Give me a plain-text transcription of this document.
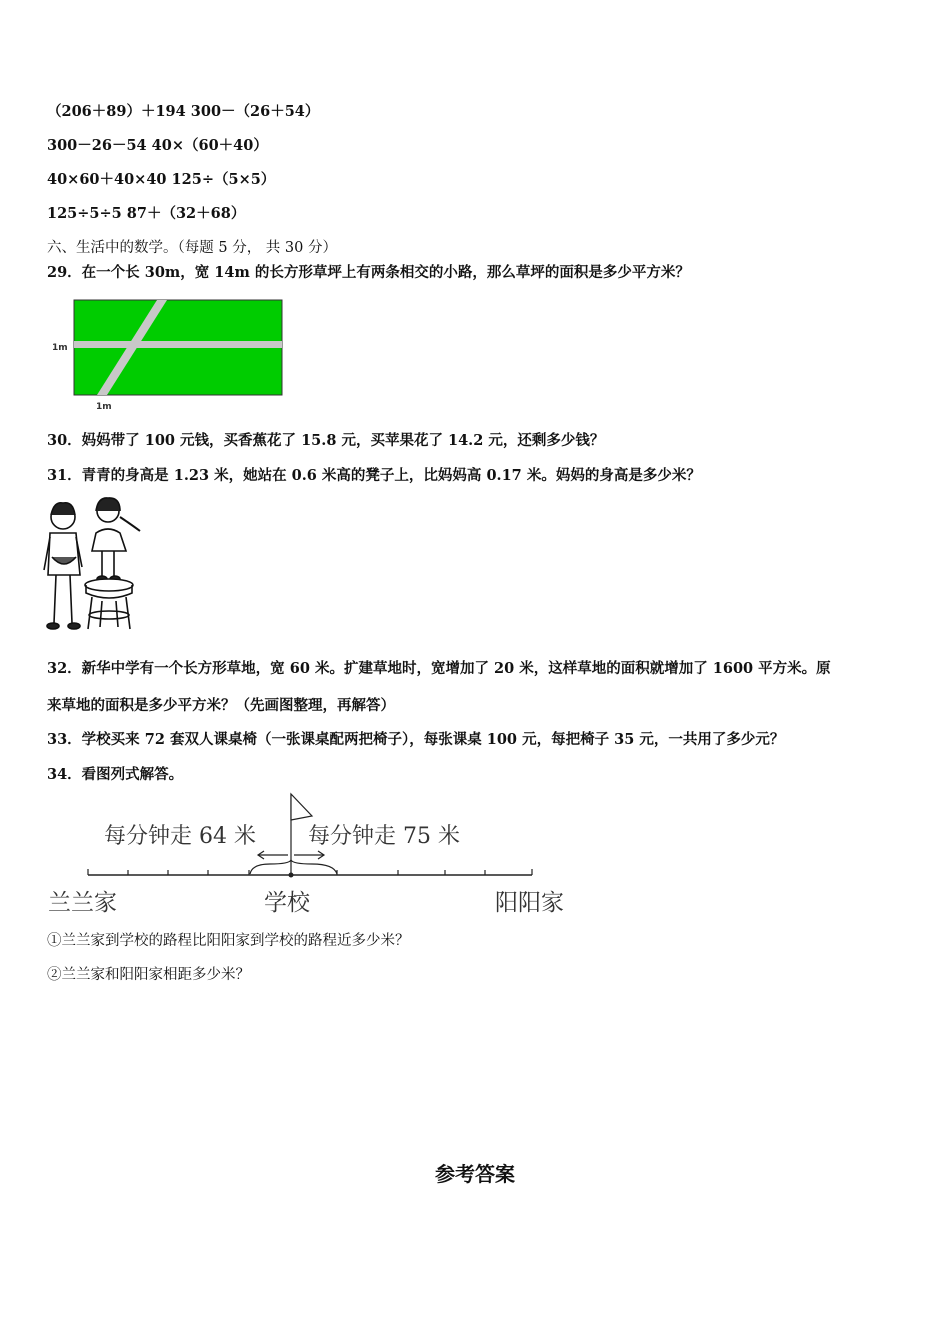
（206＋89）＋194 300－（26＋54）
300－26－54 40×（60＋40）
40×60＋40×40 125÷（5×5）
125÷5÷5 87＋（32＋68）
六、生活中的数学。（每题 5 分， 共 30 分）
29．在一个长 30m，宽 14m 的长方形草坪上有两条相交的小路，那么草坪的面积是多少平方米？
1m
1m
30．妈妈带了 100 元钱，买香蕉花了 15.8 元，买苹果花了 14.2 元，还剩多少钱？
31．青青的身高是 1.23 米，她站在 0.6 米高的凳子上，比妈妈高 0.17 米。妈妈的身高是多少米？
32．新华中学有一个长方形草地，宽 60 米。扩建草地时，宽增加了 20 米，这样草地的面积就增加了 1600 平方米。原
来草地的面积是多少平方米？（先画图整理，再解答）
33．学校买来 72 套双人课桌椅（一张课桌配两把椅子），每张课桌 100 元，每把椅子 35 元，一共用了多少元？
34．看图列式解答。
每分钟走 64 米 每分钟走 75 米
兰兰家	学校	阳阳家
①兰兰家到学校的路程比阳阳家到学校的路程近多少米？
②兰兰家和阳阳家相距多少米？
参考答案
